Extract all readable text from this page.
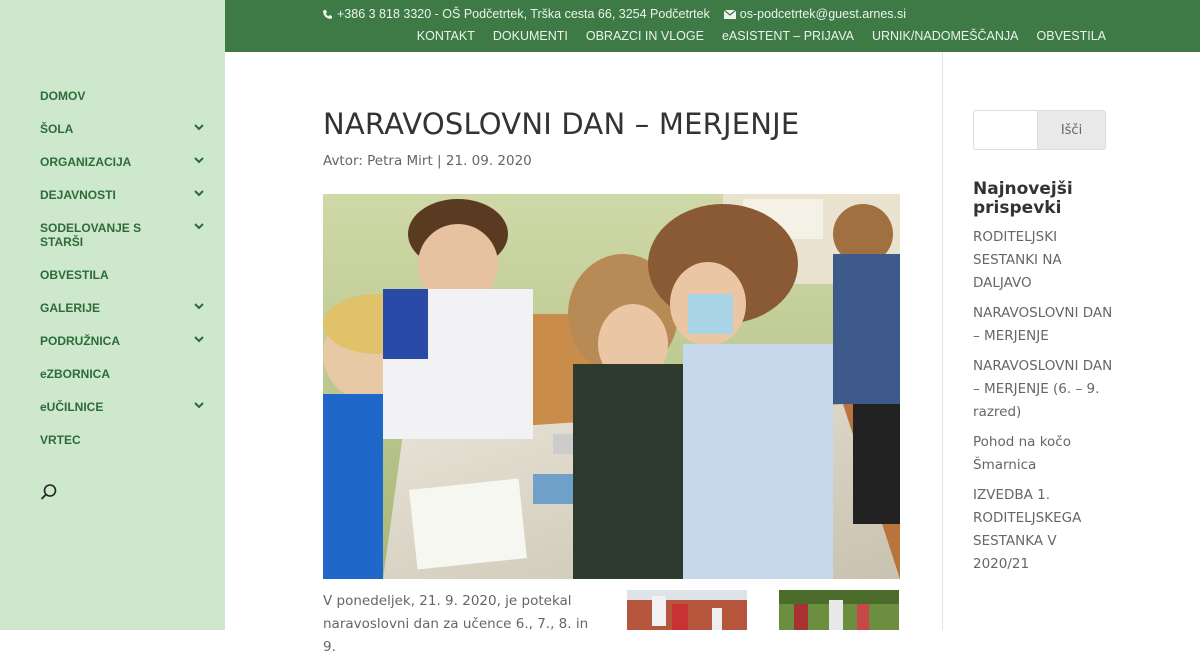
DOMOV
ŠOLA
ORGANIZACIJA
DEJAVNOSTI
SODELOVANJE S STARŠI
OBVESTILA
GALERIJE
PODRUŽNICA
eZBORNICA
eUČILNICE
VRTEC
+386 3 818 3320 - OŠ Podčetrtek, Trška cesta 66, 3254 Podčetrtek os-podcetrtek@guest.arnes.si
KONTAKT DOKUMENTI OBRAZCI IN VLOGE eASISTENT – PRIJAVA URNIK/NADOMEŠČANJA OBVESTILA
NARAVOSLOVNI DAN – MERJENJE
Avtor: Petra Mirt | 21. 09. 2020

V ponedeljek, 21. 9. 2020, je potekal naravoslovni dan za učence 6., 7., 8. in 9.

Išči
Najnovejši prispevki
RODITELJSKI SESTANKI NA DALJAVO
NARAVOSLOVNI DAN – MERJENJE
NARAVOSLOVNI DAN – MERJENJE (6. – 9. razred)
Pohod na kočo Šmarnica
IZVEDBA 1. RODITELJSKEGA SESTANKA V 2020/21
